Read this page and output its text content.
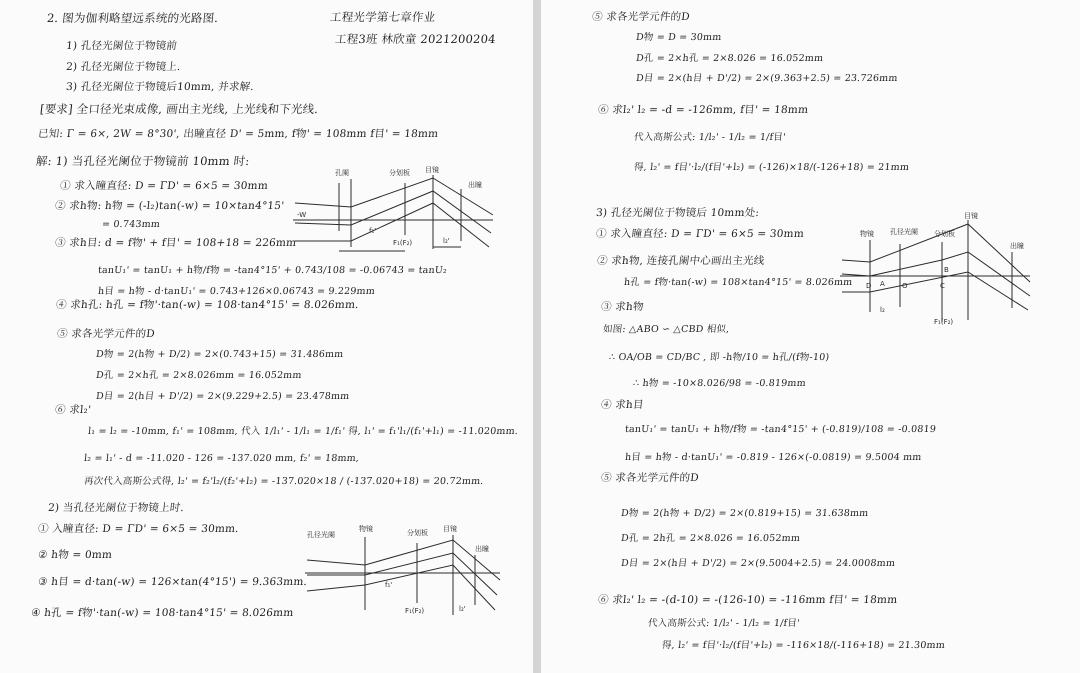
孔阑	分划板 目镜
出瞳
-W
f₁'
F₁(F₂)	l₂'
孔径光阑
物镜	分划板 目镜
出瞳
f₁'
F₁(F₂)	l₂'
目镜
物镜 孔径光阑 分划板
出瞳
A
B
C
D	O
F₁(F₂)
l₂
2. 图为伽利略望远系统的光路图.	工程光学第七章作业
工程3班 林欣童 2021200204
1) 孔径光阑位于物镜前
2) 孔径光阑位于物镜上.
3) 孔径光阑位于物镜后10mm, 并求解.
[要求] 全口径光束成像, 画出主光线, 上光线和下光线.
已知: Γ = 6×, 2W = 8°30', 出瞳直径 D' = 5mm, f物' = 108mm f目' = 18mm
解: 1) 当孔径光阑位于物镜前 10mm 时:
① 求入瞳直径: D = ΓD' = 6×5 = 30mm
② 求h物: h物 = (-l₂)tan(-w) = 10×tan4°15'
= 0.743mm
③ 求h目: d = f物' + f目' = 108+18 = 226mm
tanU₁' = tanU₁ + h物/f物 = -tan4°15' + 0.743/108 = -0.06743 = tanU₂
h目 = h物 - d·tanU₁' = 0.743+126×0.06743 = 9.229mm
④ 求h孔: h孔 = f物'·tan(-w) = 108·tan4°15' = 8.026mm.
⑤ 求各光学元件的D
D物 = 2(h物 + D/2) = 2×(0.743+15) = 31.486mm
D孔 = 2×h孔 = 2×8.026mm = 16.052mm
D目 = 2(h目 + D'/2) = 2×(9.229+2.5) = 23.478mm
⑥ 求l₂'
l₁ = l₂ = -10mm, f₁' = 108mm, 代入 1/l₁' - 1/l₁ = 1/f₁' 得, l₁' = f₁'l₁/(f₁'+l₁) = -11.020mm.
l₂ = l₁' - d = -11.020 - 126 = -137.020 mm, f₂' = 18mm,
再次代入高斯公式得, l₂' = f₂'l₂/(f₂'+l₂) = -137.020×18 / (-137.020+18) = 20.72mm.
2) 当孔径光阑位于物镜上时.
① 入瞳直径: D = ΓD' = 6×5 = 30mm.
② h物 = 0mm
③ h目 = d·tan(-w) = 126×tan(4°15') = 9.363mm.
④ h孔 = f物'·tan(-w) = 108·tan4°15' = 8.026mm
⑤ 求各光学元件的D
D物 = D = 30mm
D孔 = 2×h孔 = 2×8.026 = 16.052mm
D目 = 2×(h目 + D'/2) = 2×(9.363+2.5) = 23.726mm
⑥ 求l₂' l₂ = -d = -126mm, f目' = 18mm
代入高斯公式: 1/l₂' - 1/l₂ = 1/f目'
得, l₂' = f目'·l₂/(f目'+l₂) = (-126)×18/(-126+18) = 21mm
3) 孔径光阑位于物镜后 10mm处:
① 求入瞳直径: D = ΓD' = 6×5 = 30mm
② 求h物, 连接孔阑中心画出主光线
h孔 = f物·tan(-w) = 108×tan4°15' = 8.026mm
③ 求h物
如图: △ABO ∽ △CBD 相似,
∴ OA/OB = CD/BC , 即 -h物/10 = h孔/(f物-10)
∴ h物 = -10×8.026/98 = -0.819mm
④ 求h目
tanU₁' = tanU₁ + h物/f物 = -tan4°15' + (-0.819)/108 = -0.0819
h目 = h物 - d·tanU₁' = -0.819 - 126×(-0.0819) = 9.5004 mm
⑤ 求各光学元件的D
D物 = 2(h物 + D/2) = 2×(0.819+15) = 31.638mm
D孔 = 2h孔 = 2×8.026 = 16.052mm
D目 = 2×(h目 + D'/2) = 2×(9.5004+2.5) = 24.0008mm
⑥ 求l₂' l₂ = -(d-10) = -(126-10) = -116mm f目' = 18mm
代入高斯公式: 1/l₂' - 1/l₂ = 1/f目'
得, l₂' = f目'·l₂/(f目'+l₂) = -116×18/(-116+18) = 21.30mm
